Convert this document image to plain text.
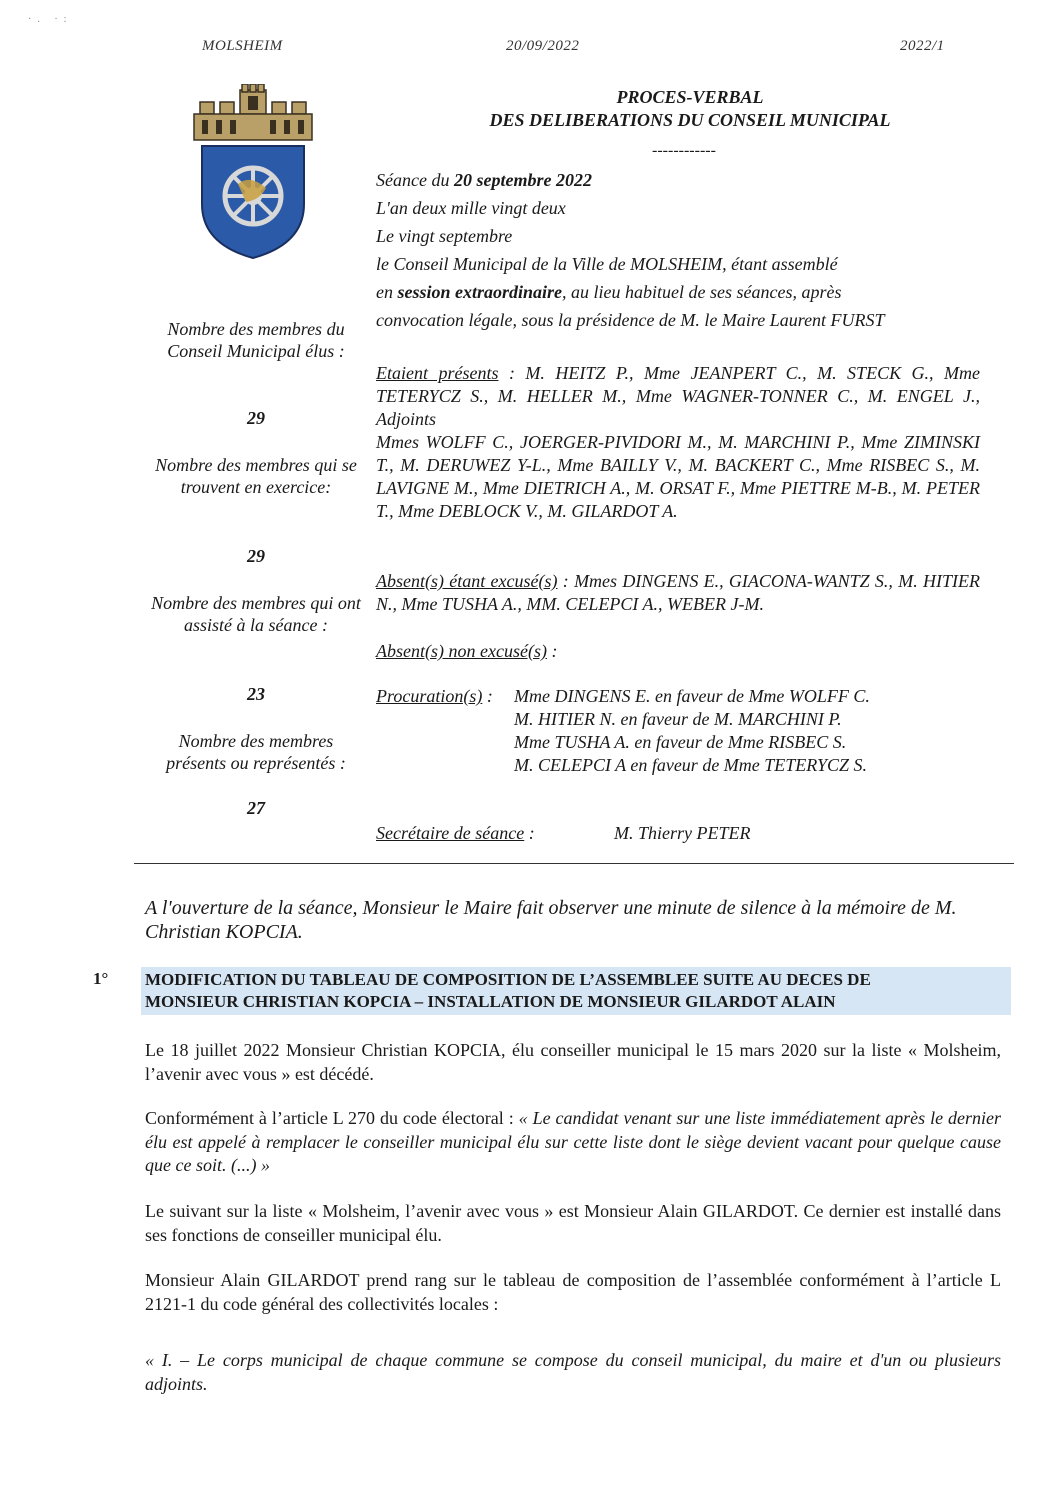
·. ·:
MOLSHEIM	20/09/2022	2022/1
PROCES-VERBAL
DES DELIBERATIONS DU CONSEIL MUNICIPAL
------------
Séance du 20 septembre 2022
L'an deux mille vingt deux
Le vingt septembre
le Conseil Municipal de la Ville de MOLSHEIM, étant assemblé
en session extraordinaire, au lieu habituel de ses séances, après
convocation légale, sous la présidence de M. le Maire Laurent FURST
Nombre des membres du Conseil Municipal élus :
29
Nombre des membres qui se trouvent en exercice:
29
Nombre des membres qui ont assisté à la séance :
23
Nombre des membres présents ou représentés :
27
Etaient présents : M. HEITZ P., Mme JEANPERT C., M. STECK G., Mme TETERYCZ S., M. HELLER M., Mme WAGNER-TONNER C., M. ENGEL J., Adjoints
Mmes WOLFF C., JOERGER-PIVIDORI M., M. MARCHINI P., Mme ZIMINSKI T., M. DERUWEZ Y-L., Mme BAILLY V., M. BACKERT C., Mme RISBEC S., M. LAVIGNE M., Mme DIETRICH A., M. ORSAT F., Mme PIETTRE M-B., M. PETER T., Mme DEBLOCK V., M. GILARDOT A.
Absent(s) étant excusé(s) : Mmes DINGENS E., GIACONA-WANTZ S., M. HITIER N., Mme TUSHA A., MM. CELEPCI A., WEBER J-M.
Absent(s) non excusé(s) :
Procuration(s) : Mme DINGENS E. en faveur de Mme WOLFF C.
M. HITIER N. en faveur de M. MARCHINI P.
Mme TUSHA A. en faveur de Mme RISBEC S.
M. CELEPCI A en faveur de Mme TETERYCZ S.
Secrétaire de séance :	M. Thierry PETER
A l'ouverture de la séance, Monsieur le Maire fait observer une minute de silence à la mémoire de M. Christian KOPCIA.
1° MODIFICATION DU TABLEAU DE COMPOSITION DE L’ASSEMBLEE SUITE AU DECES DE
MONSIEUR CHRISTIAN KOPCIA – INSTALLATION DE MONSIEUR GILARDOT ALAIN
Le 18 juillet 2022 Monsieur Christian KOPCIA, élu conseiller municipal le 15 mars 2020 sur la liste « Molsheim, l’avenir avec vous » est décédé.
Conformément à l’article L 270 du code électoral : « Le candidat venant sur une liste immédiatement après le dernier élu est appelé à remplacer le conseiller municipal élu sur cette liste dont le siège devient vacant pour quelque cause que ce soit. (...) »
Le suivant sur la liste « Molsheim, l’avenir avec vous » est Monsieur Alain GILARDOT. Ce dernier est installé dans ses fonctions de conseiller municipal élu.
Monsieur Alain GILARDOT prend rang sur le tableau de composition de l’assemblée conformément à l’article L 2121-1 du code général des collectivités locales :
« I. – Le corps municipal de chaque commune se compose du conseil municipal, du maire et d'un ou plusieurs adjoints.
